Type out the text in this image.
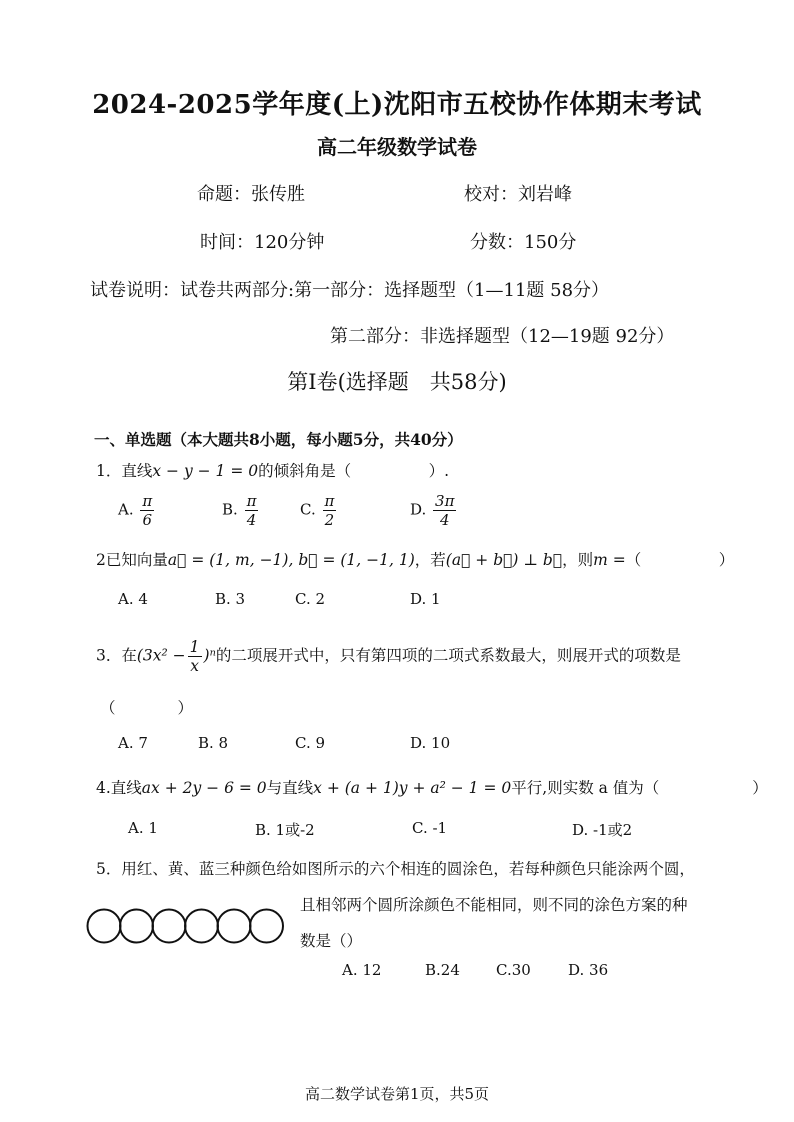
2024-2025学年度(上)沈阳市五校协作体期末考试
高二年级数学试卷
命题：张传胜	校对：刘岩峰
时间：120分钟	分数：150分
试卷说明：试卷共两部分:第一部分：选择题型（1—11题 58分）
第二部分：非选择题型（12—19题 92分）
第Ⅰ卷(选择题　共58分)
一、单选题（本大题共8小题，每小题5分，共40分）
1．直线x − y − 1 = 0的倾斜角是（　　　　　）.
A. $\frac{\pi}{6}$	B. $\frac{\pi}{4}$	C. $\frac{\pi}{2}$	D. $\frac{3\pi}{4}$
2已知向量a⃗ = (1, m, −1), b⃗ = (1, −1, 1)，若(a⃗ + b⃗) ⊥ b⃗，则m =（　　　　　）
A. 4	B. 3	C. 2	D. 1
3．在$(3x^2 - \frac{1}{x} )^n$的二项展开式中，只有第四项的二项式系数最大，则展开式的项数是
（　　　　）
A. 7	B. 8	C. 9	D. 10
4.直线ax + 2y − 6 = 0与直线x + (a + 1)y + a² − 1 = 0平行,则实数 a 值为（　　　　　　）
A. 1	B. 1或-2	C. -1	D. -1或2
5．用红、黄、蓝三种颜色给如图所示的六个相连的圆涂色，若每种颜色只能涂两个圆，
且相邻两个圆所涂颜色不能相同，则不同的涂色方案的种
数是（）
A. 12	B.24 C.30 D. 36
高二数学试卷第1页，共5页
